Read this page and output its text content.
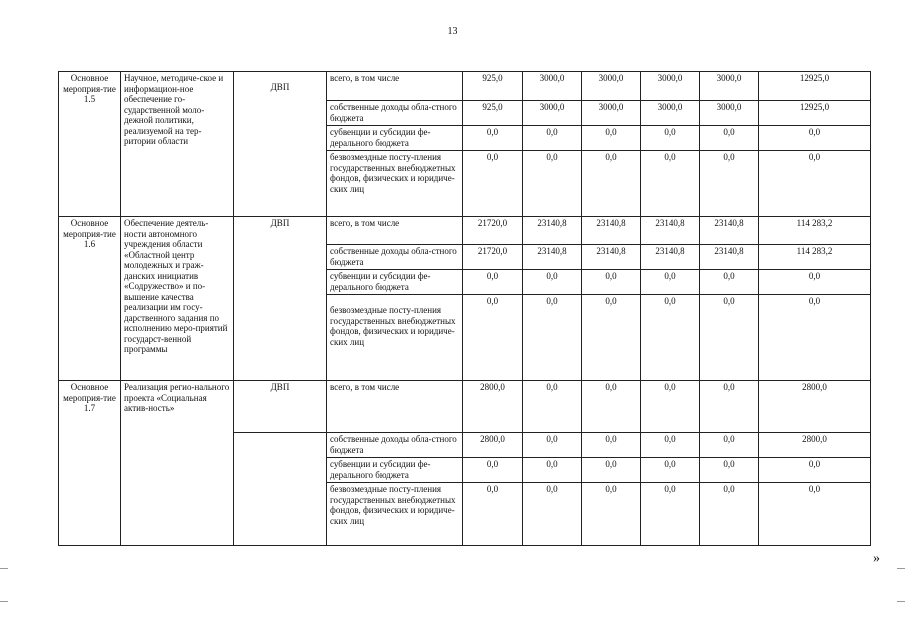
13
Основное мероприя-тие 1.5	Научное, методиче-ское и информацион-ное обеспечение го-сударственной моло-дежной политики, реализуемой на тер-ритории области	ДВП	всего, в том числе	925,0	3000,0	3000,0	3000,0	3000,0	12925,0
			собственные доходы обла-стного бюджета	925,0	3000,0	3000,0	3000,0	3000,0	12925,0
			субвенции и субсидии фе-дерального бюджета	0,0	0,0	0,0	0,0	0,0	0,0
			безвозмездные посту-пления государственных внебюджетных фондов, физических и юридиче-ских лиц	0,0	0,0	0,0	0,0	0,0	0,0
Основное мероприя-тие 1.6	Обеспечение деятель-ности автономного учреждения области «Областной центр молодежных и граж-данских инициатив «Содружество» и по-вышение качества реализации им госу-дарственного задания по исполнению меро-приятий государст-венной программы	ДВП	всего, в том числе	21720,0	23140,8	23140,8	23140,8	23140,8	114 283,2
			собственные доходы обла-стного бюджета	21720,0	23140,8	23140,8	23140,8	23140,8	114 283,2
			субвенции и субсидии фе-дерального бюджета	0,0	0,0	0,0	0,0	0,0	0,0
			безвозмездные посту-пления государственных внебюджетных фондов, физических и юридиче-ских лиц	0,0	0,0	0,0	0,0	0,0	0,0
Основное мероприя-тие 1.7	Реализация регио-нального проекта «Социальная актив-ность»	ДВП	всего, в том числе	2800,0	0,0	0,0	0,0	0,0	2800,0
			собственные доходы обла-стного бюджета	2800,0	0,0	0,0	0,0	0,0	2800,0
			субвенции и субсидии фе-дерального бюджета	0,0	0,0	0,0	0,0	0,0	0,0
			безвозмездные посту-пления государственных внебюджетных фондов, физических и юридиче-ских лиц	0,0	0,0	0,0	0,0	0,0	0,0
»
